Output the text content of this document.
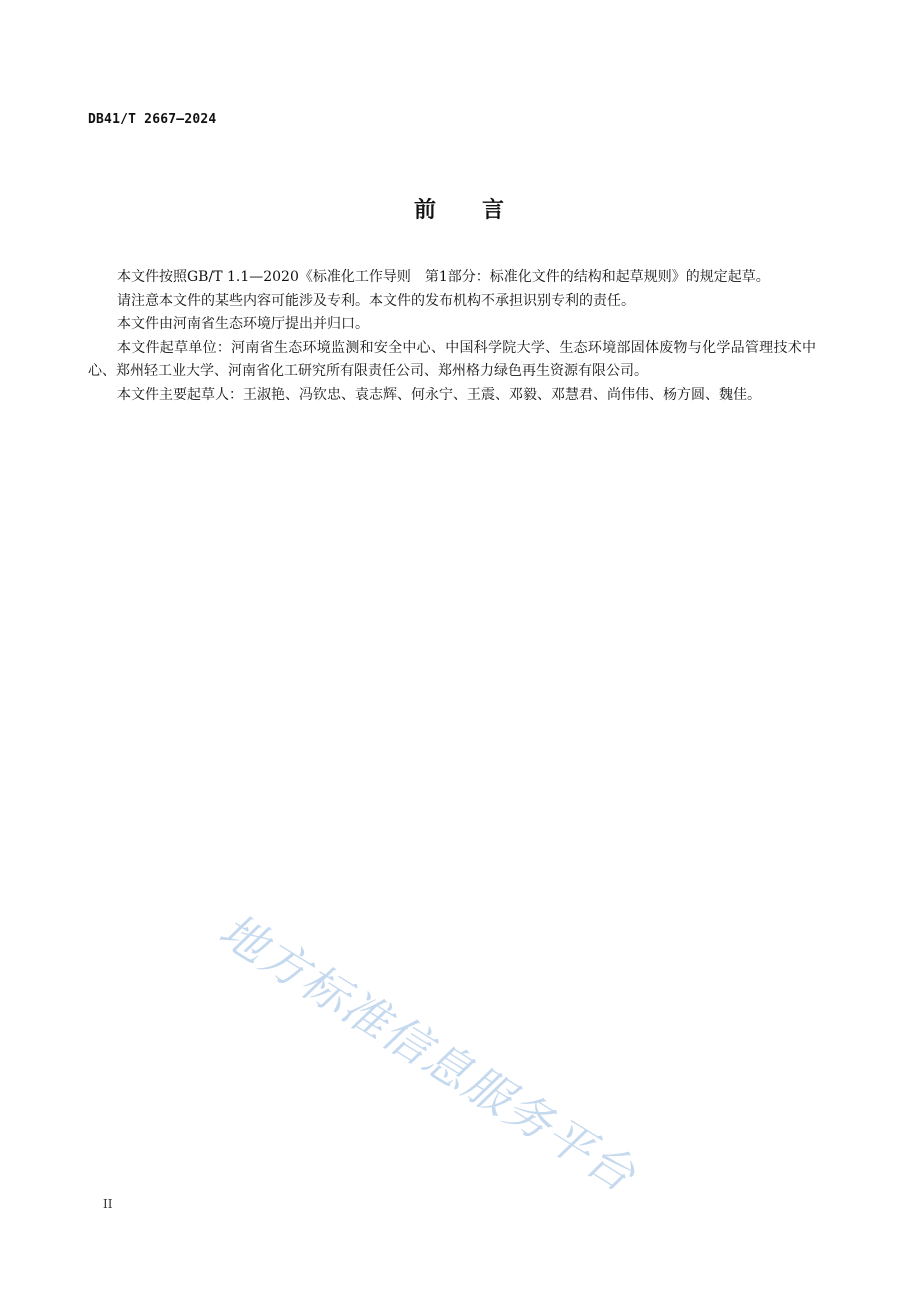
DB41/T 2667—2024
前 言

本文件按照GB/T 1.1—2020《标准化工作导则　第1部分：标准化文件的结构和起草规则》的规定起草。

请注意本文件的某些内容可能涉及专利。本文件的发布机构不承担识别专利的责任。

本文件由河南省生态环境厅提出并归口。

本文件起草单位：河南省生态环境监测和安全中心、中国科学院大学、生态环境部固体废物与化学品管理技术中心、郑州轻工业大学、河南省化工研究所有限责任公司、郑州格力绿色再生资源有限公司。

本文件主要起草人：王淑艳、冯钦忠、袁志辉、何永宁、王震、邓毅、邓慧君、尚伟伟、杨方圆、魏佳。

地方标准信息服务平台
II
